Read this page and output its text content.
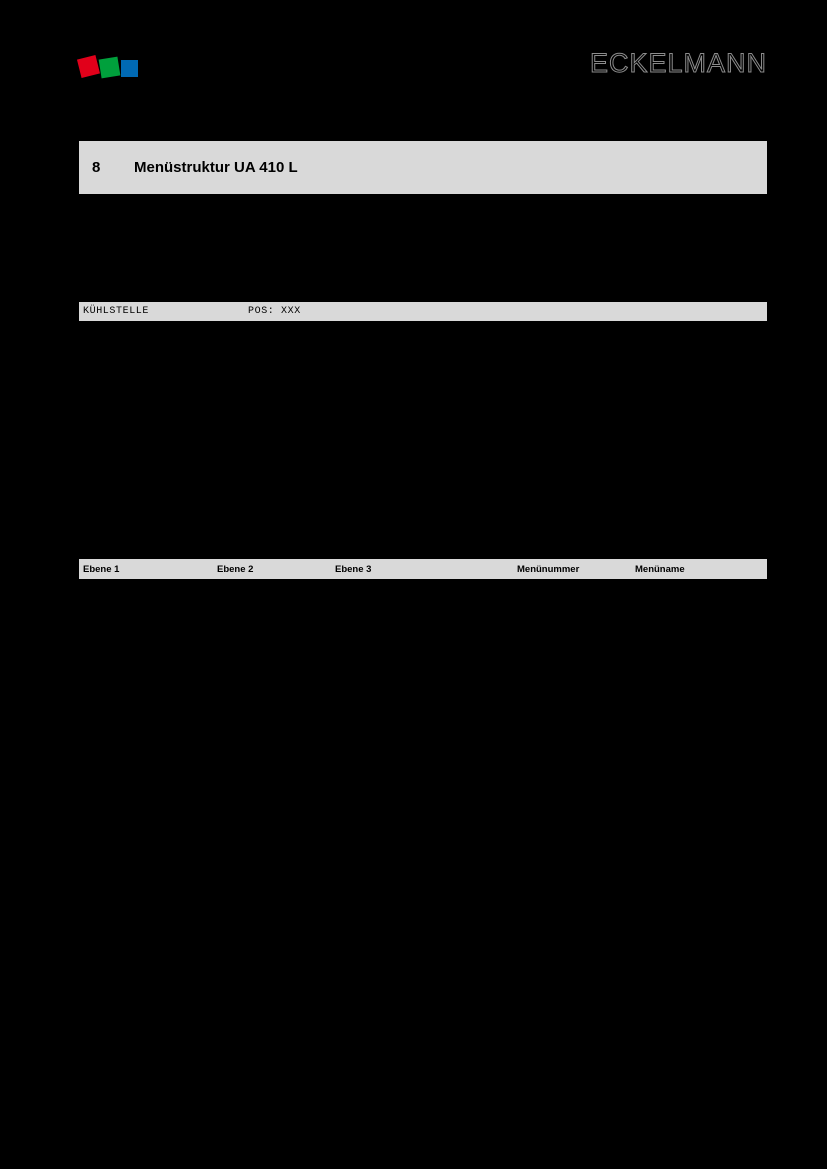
ECKELMANN
8	Menüstruktur UA 410 L
KÜHLSTELLE	POS: XXX
Ebene 1	Ebene 2	Ebene 3	Menünummer	Menüname
